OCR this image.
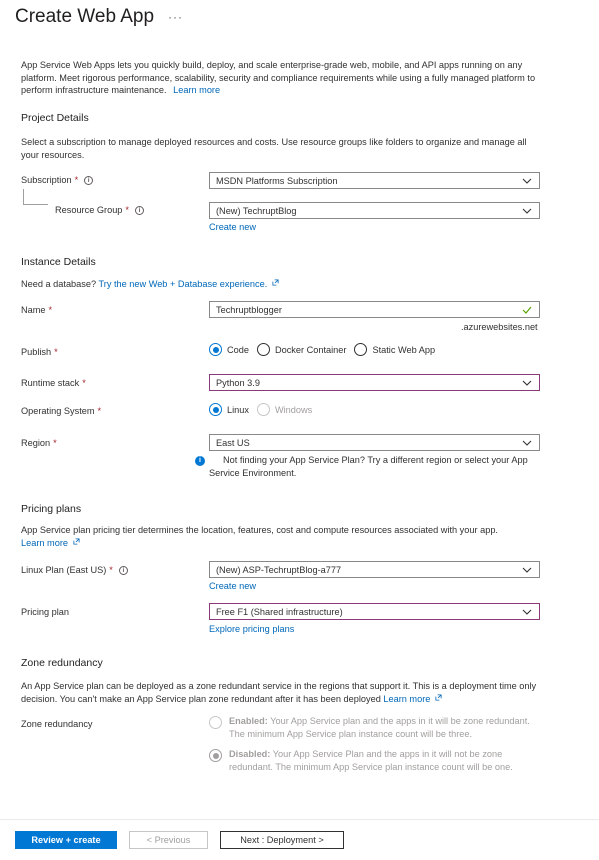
Create Web App ···
App Service Web Apps lets you quickly build, deploy, and scale enterprise-grade web, mobile, and API apps running on any platform. Meet rigorous performance, scalability, security and compliance requirements while using a fully managed platform to perform infrastructure maintenance. Learn more
Project Details
Select a subscription to manage deployed resources and costs. Use resource groups like folders to organize and manage all your resources.
Subscription *	i	MSDN Platforms Subscription
Resource Group *	i	(New) TechruptBlog
Create new
Instance Details
Need a database? Try the new Web + Database experience.
Name *	Techruptblogger
.azurewebsites.net
Publish *	Code	Docker Container	Static Web App
Runtime stack *	Python 3.9
Operating System *	Linux	Windows
Region *	East US
i	Not finding your App Service Plan? Try a different region or select your App Service Environment.
Pricing plans
App Service plan pricing tier determines the location, features, cost and compute resources associated with your app.
Learn more
Linux Plan (East US) *	i	(New) ASP-TechruptBlog-a777
Create new
Pricing plan	Free F1 (Shared infrastructure)
Explore pricing plans
Zone redundancy
An App Service plan can be deployed as a zone redundant service in the regions that support it. This is a deployment time only decision. You can't make an App Service plan zone redundant after it has been deployed Learn more
Zone redundancy	Enabled: Your App Service plan and the apps in it will be zone redundant. The minimum App Service plan instance count will be three.
Disabled: Your App Service Plan and the apps in it will not be zone redundant. The minimum App Service plan instance count will be one.
Review + create	< Previous	Next : Deployment >
